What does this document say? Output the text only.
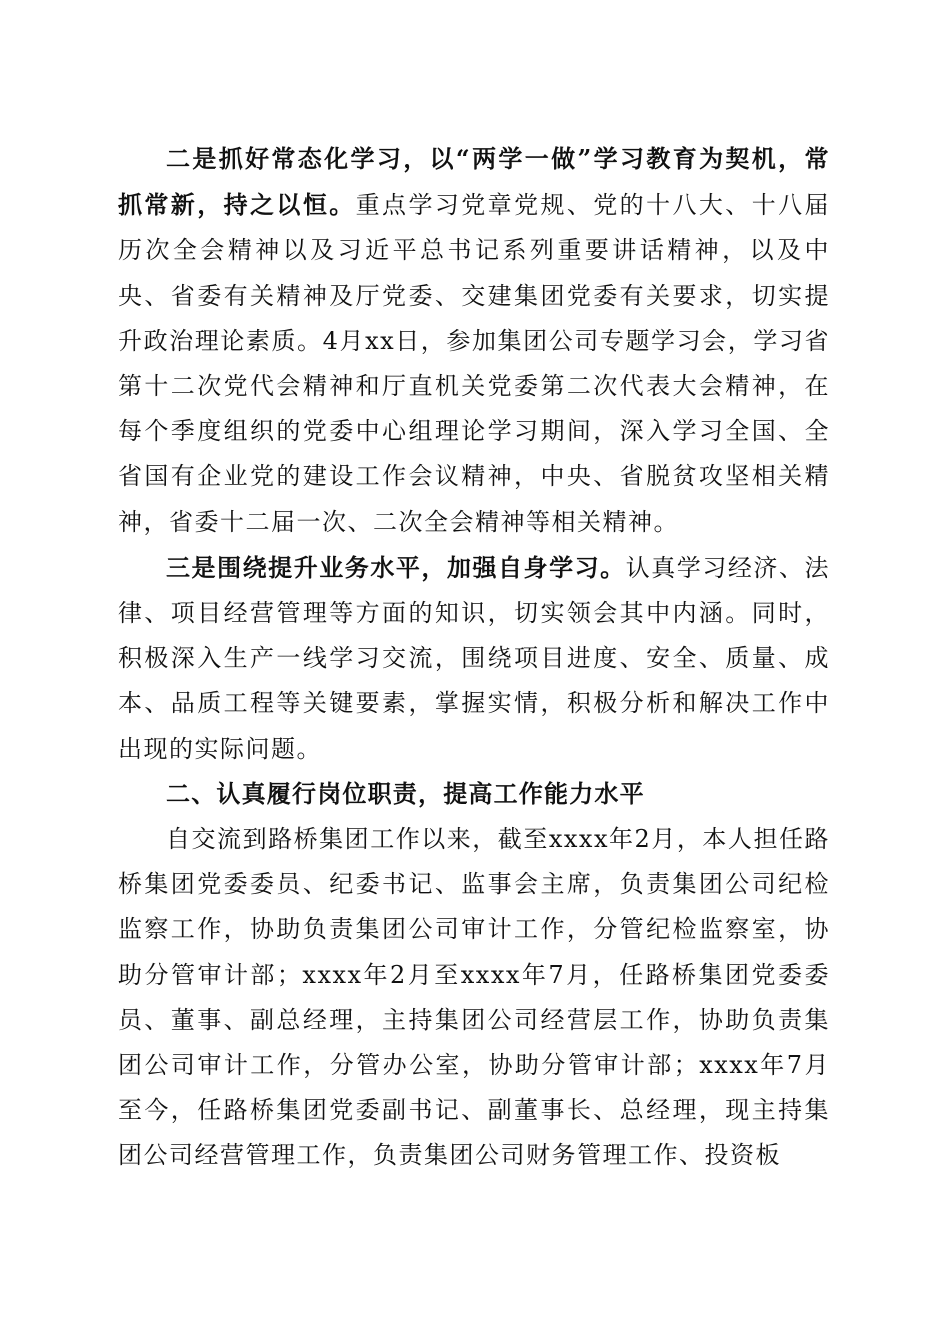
二是抓好常态化学习，以“两学一做”学习教育为契机，常抓常新，持之以恒。重点学习党章党规、党的十八大、十八届历次全会精神以及习近平总书记系列重要讲话精神，以及中央、省委有关精神及厅党委、交建集团党委有关要求，切实提升政治理论素质。4月xx日，参加集团公司专题学习会，学习省第十二次党代会精神和厅直机关党委第二次代表大会精神，在每个季度组织的党委中心组理论学习期间，深入学习全国、全省国有企业党的建设工作会议精神，中央、省脱贫攻坚相关精神，省委十二届一次、二次全会精神等相关精神。

三是围绕提升业务水平，加强自身学习。认真学习经济、法律、项目经营管理等方面的知识，切实领会其中内涵。同时，积极深入生产一线学习交流，围绕项目进度、安全、质量、成本、品质工程等关键要素，掌握实情，积极分析和解决工作中出现的实际问题。

二、认真履行岗位职责，提高工作能力水平

自交流到路桥集团工作以来，截至xxxx年2月，本人担任路桥集团党委委员、纪委书记、监事会主席，负责集团公司纪检监察工作，协助负责集团公司审计工作，分管纪检监察室，协助分管审计部；xxxx年2月至xxxx年7月，任路桥集团党委委员、董事、副总经理，主持集团公司经营层工作，协助负责集团公司审计工作，分管办公室，协助分管审计部；xxxx年7月至今，任路桥集团党委副书记、副董事长、总经理，现主持集团公司经营管理工作，负责集团公司财务管理工作、投资板
